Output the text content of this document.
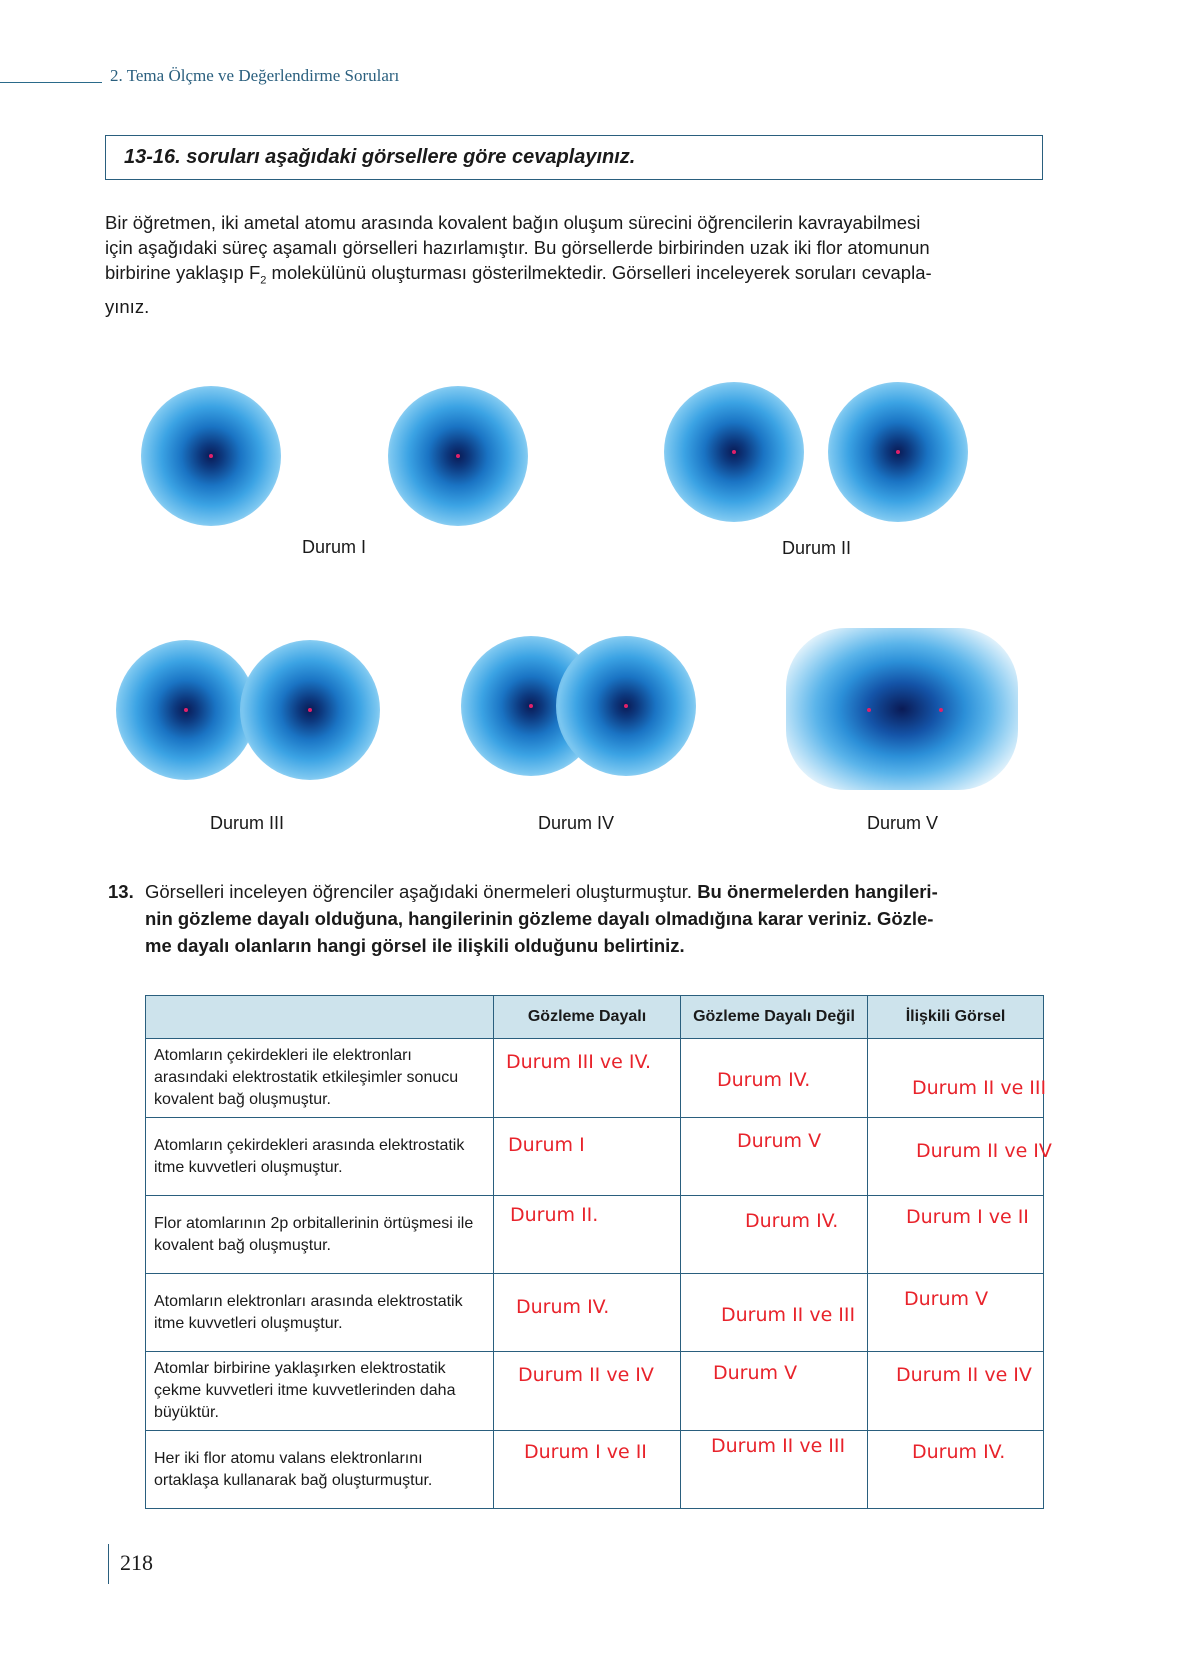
2. Tema Ölçme ve Değerlendirme Soruları
13-16. soruları aşağıdaki görsellere göre cevaplayınız.

Bir öğretmen, iki ametal atomu arasında kovalent bağın oluşum sürecini öğrencilerin kavrayabilmesi

için aşağıdaki süreç aşamalı görselleri hazırlamıştır. Bu görsellerde birbirinden uzak iki flor atomunun

birbirine yaklaşıp $F_2$ molekülünü oluşturması gösterilmektedir. Görselleri inceleyerek soruları cevapla-

yınız.

Durum I	Durum II
Durum III	Durum IV	Durum V
13. Görselleri inceleyen öğrenciler aşağıdaki önermeleri oluşturmuştur. Bu önermelerden hangileri-
nin gözleme dayalı olduğuna, hangilerinin gözleme dayalı olmadığına karar veriniz. Gözle-
me dayalı olanların hangi görsel ile ilişkili olduğunu belirtiniz.
	Gözleme Dayalı	Gözleme Dayalı Değil	İlişkili Görsel
Atomların çekirdekleri ile elektronları arasındaki elektrostatik etkileşimler sonucu kovalent bağ oluşmuştur.	Durum III ve IV.	Durum IV.	Durum II ve III

Atomların çekirdekleri arasında elektrostatik itme kuvvetleri oluşmuştur.	Durum I	Durum V	Durum II ve IV

Flor atomlarının 2p orbitallerinin örtüşmesi ile kovalent bağ oluşmuştur.	Durum II.	Durum IV.	Durum I ve II

Atomların elektronları arasında elektrostatik itme kuvvetleri oluşmuştur.	Durum IV.	Durum II ve III	Durum V

Atomlar birbirine yaklaşırken elektrostatik çekme kuvvetleri itme kuvvetlerinden daha büyüktür.	Durum II ve IV	Durum V	Durum II ve IV

Her iki flor atomu valans elektronlarını ortaklaşa kullanarak bağ oluşturmuştur.	Durum I ve II	Durum II ve III	Durum IV.
218
